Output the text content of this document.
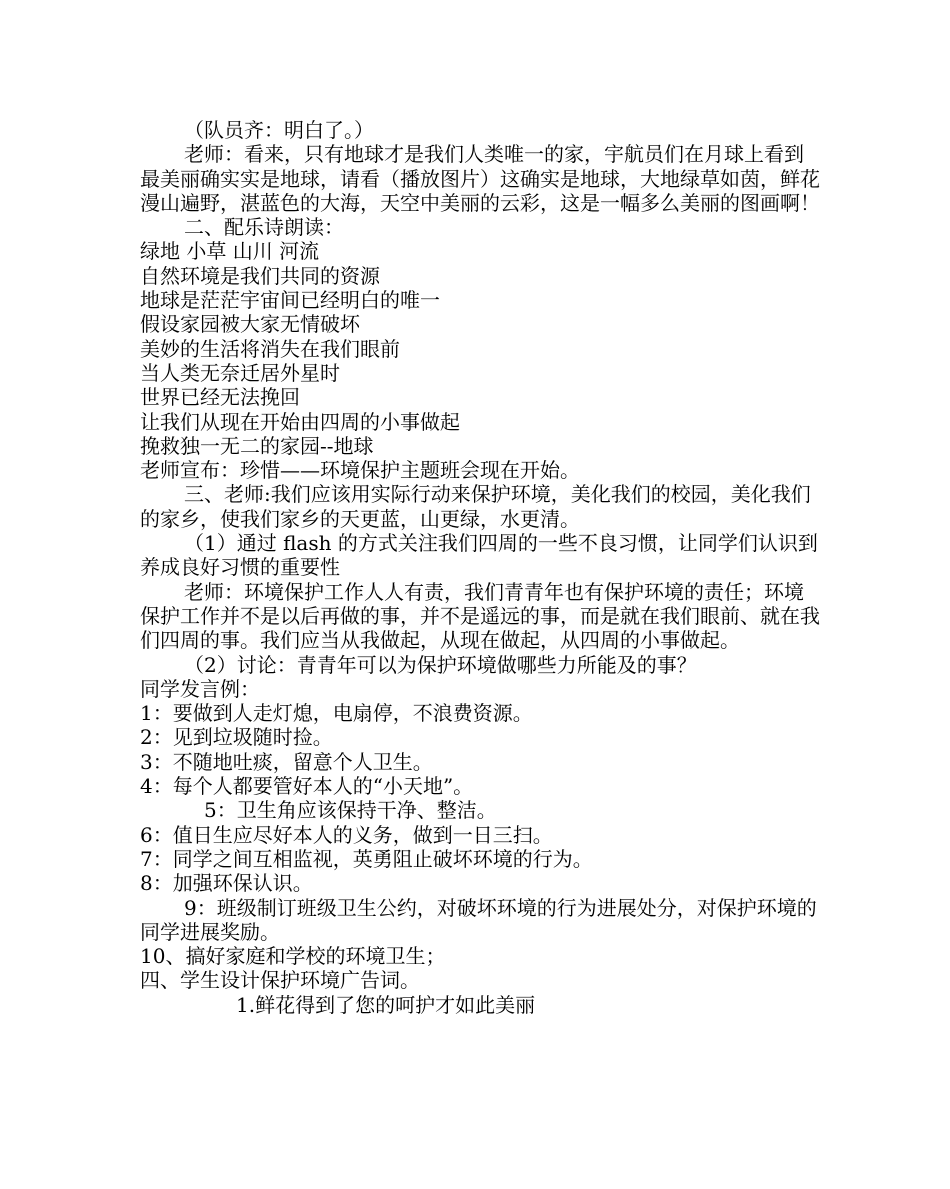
（队员齐：明白了。）

老师：看来，只有地球才是我们人类唯一的家，宇航员们在月球上看到最美丽确实实是地球，请看（播放图片）这确实是地球，大地绿草如茵，鲜花漫山遍野，湛蓝色的大海，天空中美丽的云彩，这是一幅多么美丽的图画啊！

二、配乐诗朗读：

绿地 小草 山川 河流

自然环境是我们共同的资源

地球是茫茫宇宙间已经明白的唯一

假设家园被大家无情破坏

美妙的生活将消失在我们眼前

当人类无奈迁居外星时

世界已经无法挽回

让我们从现在开始由四周的小事做起

挽救独一无二的家园--地球

老师宣布：珍惜——环境保护主题班会现在开始。

三、老师:我们应该用实际行动来保护环境，美化我们的校园，美化我们的家乡，使我们家乡的天更蓝，山更绿，水更清。

（1）通过 flash 的方式关注我们四周的一些不良习惯，让同学们认识到养成良好习惯的重要性

老师：环境保护工作人人有责，我们青青年也有保护环境的责任；环境保护工作并不是以后再做的事，并不是遥远的事，而是就在我们眼前、就在我们四周的事。我们应当从我做起，从现在做起，从四周的小事做起。

（2）讨论：青青年可以为保护环境做哪些力所能及的事？

同学发言例：

1：要做到人走灯熄，电扇停，不浪费资源。

2：见到垃圾随时捡。

3：不随地吐痰，留意个人卫生。

4：每个人都要管好本人的“小天地”。

5：卫生角应该保持干净、整洁。

6：值日生应尽好本人的义务，做到一日三扫。

7：同学之间互相监视，英勇阻止破坏环境的行为。

8：加强环保认识。

9：班级制订班级卫生公约，对破坏环境的行为进展处分，对保护环境的同学进展奖励。

10、搞好家庭和学校的环境卫生；

四、学生设计保护环境广告词。

1.鲜花得到了您的呵护才如此美丽
